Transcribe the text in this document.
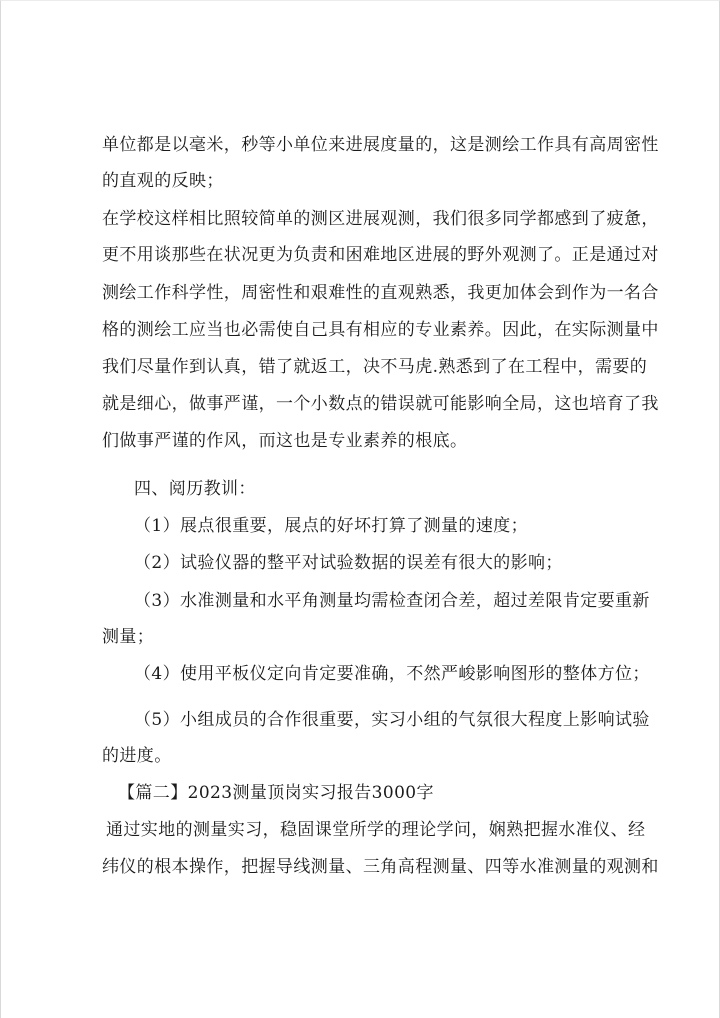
单位都是以毫米，秒等小单位来进展度量的，这是测绘工作具有高周密性
的直观的反映；
在学校这样相比照较简单的测区进展观测，我们很多同学都感到了疲惫，
更不用谈那些在状况更为负责和困难地区进展的野外观测了。正是通过对
测绘工作科学性，周密性和艰难性的直观熟悉，我更加体会到作为一名合
格的测绘工应当也必需使自己具有相应的专业素养。因此，在实际测量中
我们尽量作到认真，错了就返工，决不马虎.熟悉到了在工程中，需要的
就是细心，做事严谨，一个小数点的错误就可能影响全局，这也培育了我
们做事严谨的作风，而这也是专业素养的根底。
四、阅历教训：
（1）展点很重要，展点的好坏打算了测量的速度；
（2）试验仪器的整平对试验数据的误差有很大的影响；
（3）水准测量和水平角测量均需检查闭合差，超过差限肯定要重新
测量；
（4）使用平板仪定向肯定要准确，不然严峻影响图形的整体方位；
（5）小组成员的合作很重要，实习小组的气氛很大程度上影响试验
的进度。
【篇二】2023测量顶岗实习报告3000字
通过实地的测量实习，稳固课堂所学的理论学问，娴熟把握水准仪、经
纬仪的根本操作，把握导线测量、三角高程测量、四等水准测量的观测和
